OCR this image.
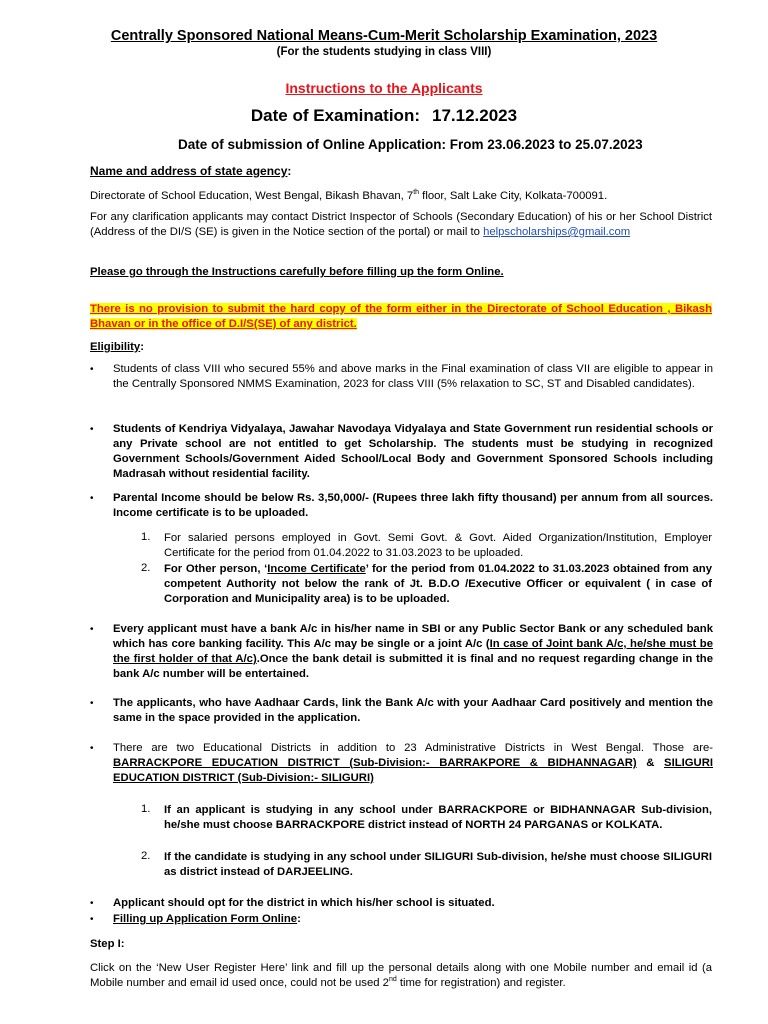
Centrally Sponsored National Means-Cum-Merit Scholarship Examination, 2023
(For the students studying in class VIII)
Instructions to the Applicants
Date of Examination: 17.12.2023
Date of submission of Online Application: From 23.06.2023 to 25.07.2023
Name and address of state agency:
Directorate of School Education, West Bengal, Bikash Bhavan, 7th floor, Salt Lake City, Kolkata-700091.
For any clarification applicants may contact District Inspector of Schools (Secondary Education) of his or her School District (Address of the DI/S (SE) is given in the Notice section of the portal) or mail to helpscholarships@gmail.com
Please go through the Instructions carefully before filling up the form Online.
There is no provision to submit the hard copy of the form either in the Directorate of School Education , Bikash Bhavan or in the office of D.I/S(SE) of any district.
Eligibility:
• Students of class VIII who secured 55% and above marks in the Final examination of class VII are eligible to appear in the Centrally Sponsored NMMS Examination, 2023 for class VIII (5% relaxation to SC, ST and Disabled candidates).
• Students of Kendriya Vidyalaya, Jawahar Navodaya Vidyalaya and State Government run residential schools or any Private school are not entitled to get Scholarship. The students must be studying in recognized Government Schools/Government Aided School/Local Body and Government Sponsored Schools including Madrasah without residential facility.
• Parental Income should be below Rs. 3,50,000/- (Rupees three lakh fifty thousand) per annum from all sources. Income certificate is to be uploaded.
1. For salaried persons employed in Govt. Semi Govt. & Govt. Aided Organization/Institution, Employer Certificate for the period from 01.04.2022 to 31.03.2023 to be uploaded.
2. For Other person, ‘Income Certificate’ for the period from 01.04.2022 to 31.03.2023 obtained from any competent Authority not below the rank of Jt. B.D.O /Executive Officer or equivalent ( in case of Corporation and Municipality area) is to be uploaded.
• Every applicant must have a bank A/c in his/her name in SBI or any Public Sector Bank or any scheduled bank which has core banking facility. This A/c may be single or a joint A/c (In case of Joint bank A/c, he/she must be the first holder of that A/c).Once the bank detail is submitted it is final and no request regarding change in the bank A/c number will be entertained.
• The applicants, who have Aadhaar Cards, link the Bank A/c with your Aadhaar Card positively and mention the same in the space provided in the application.
• There are two Educational Districts in addition to 23 Administrative Districts in West Bengal. Those are- BARRACKPORE EDUCATION DISTRICT (Sub-Division:- BARRAKPORE & BIDHANNAGAR) & SILIGURI EDUCATION DISTRICT (Sub-Division:- SILIGURI)
1. If an applicant is studying in any school under BARRACKPORE or BIDHANNAGAR Sub-division, he/she must choose BARRACKPORE district instead of NORTH 24 PARGANAS or KOLKATA.
2. If the candidate is studying in any school under SILIGURI Sub-division, he/she must choose SILIGURI as district instead of DARJEELING.
• Applicant should opt for the district in which his/her school is situated.
• Filling up Application Form Online:
Step I:
Click on the ‘New User Register Here’ link and fill up the personal details along with one Mobile number and email id (a Mobile number and email id used once, could not be used 2nd time for registration) and register.
